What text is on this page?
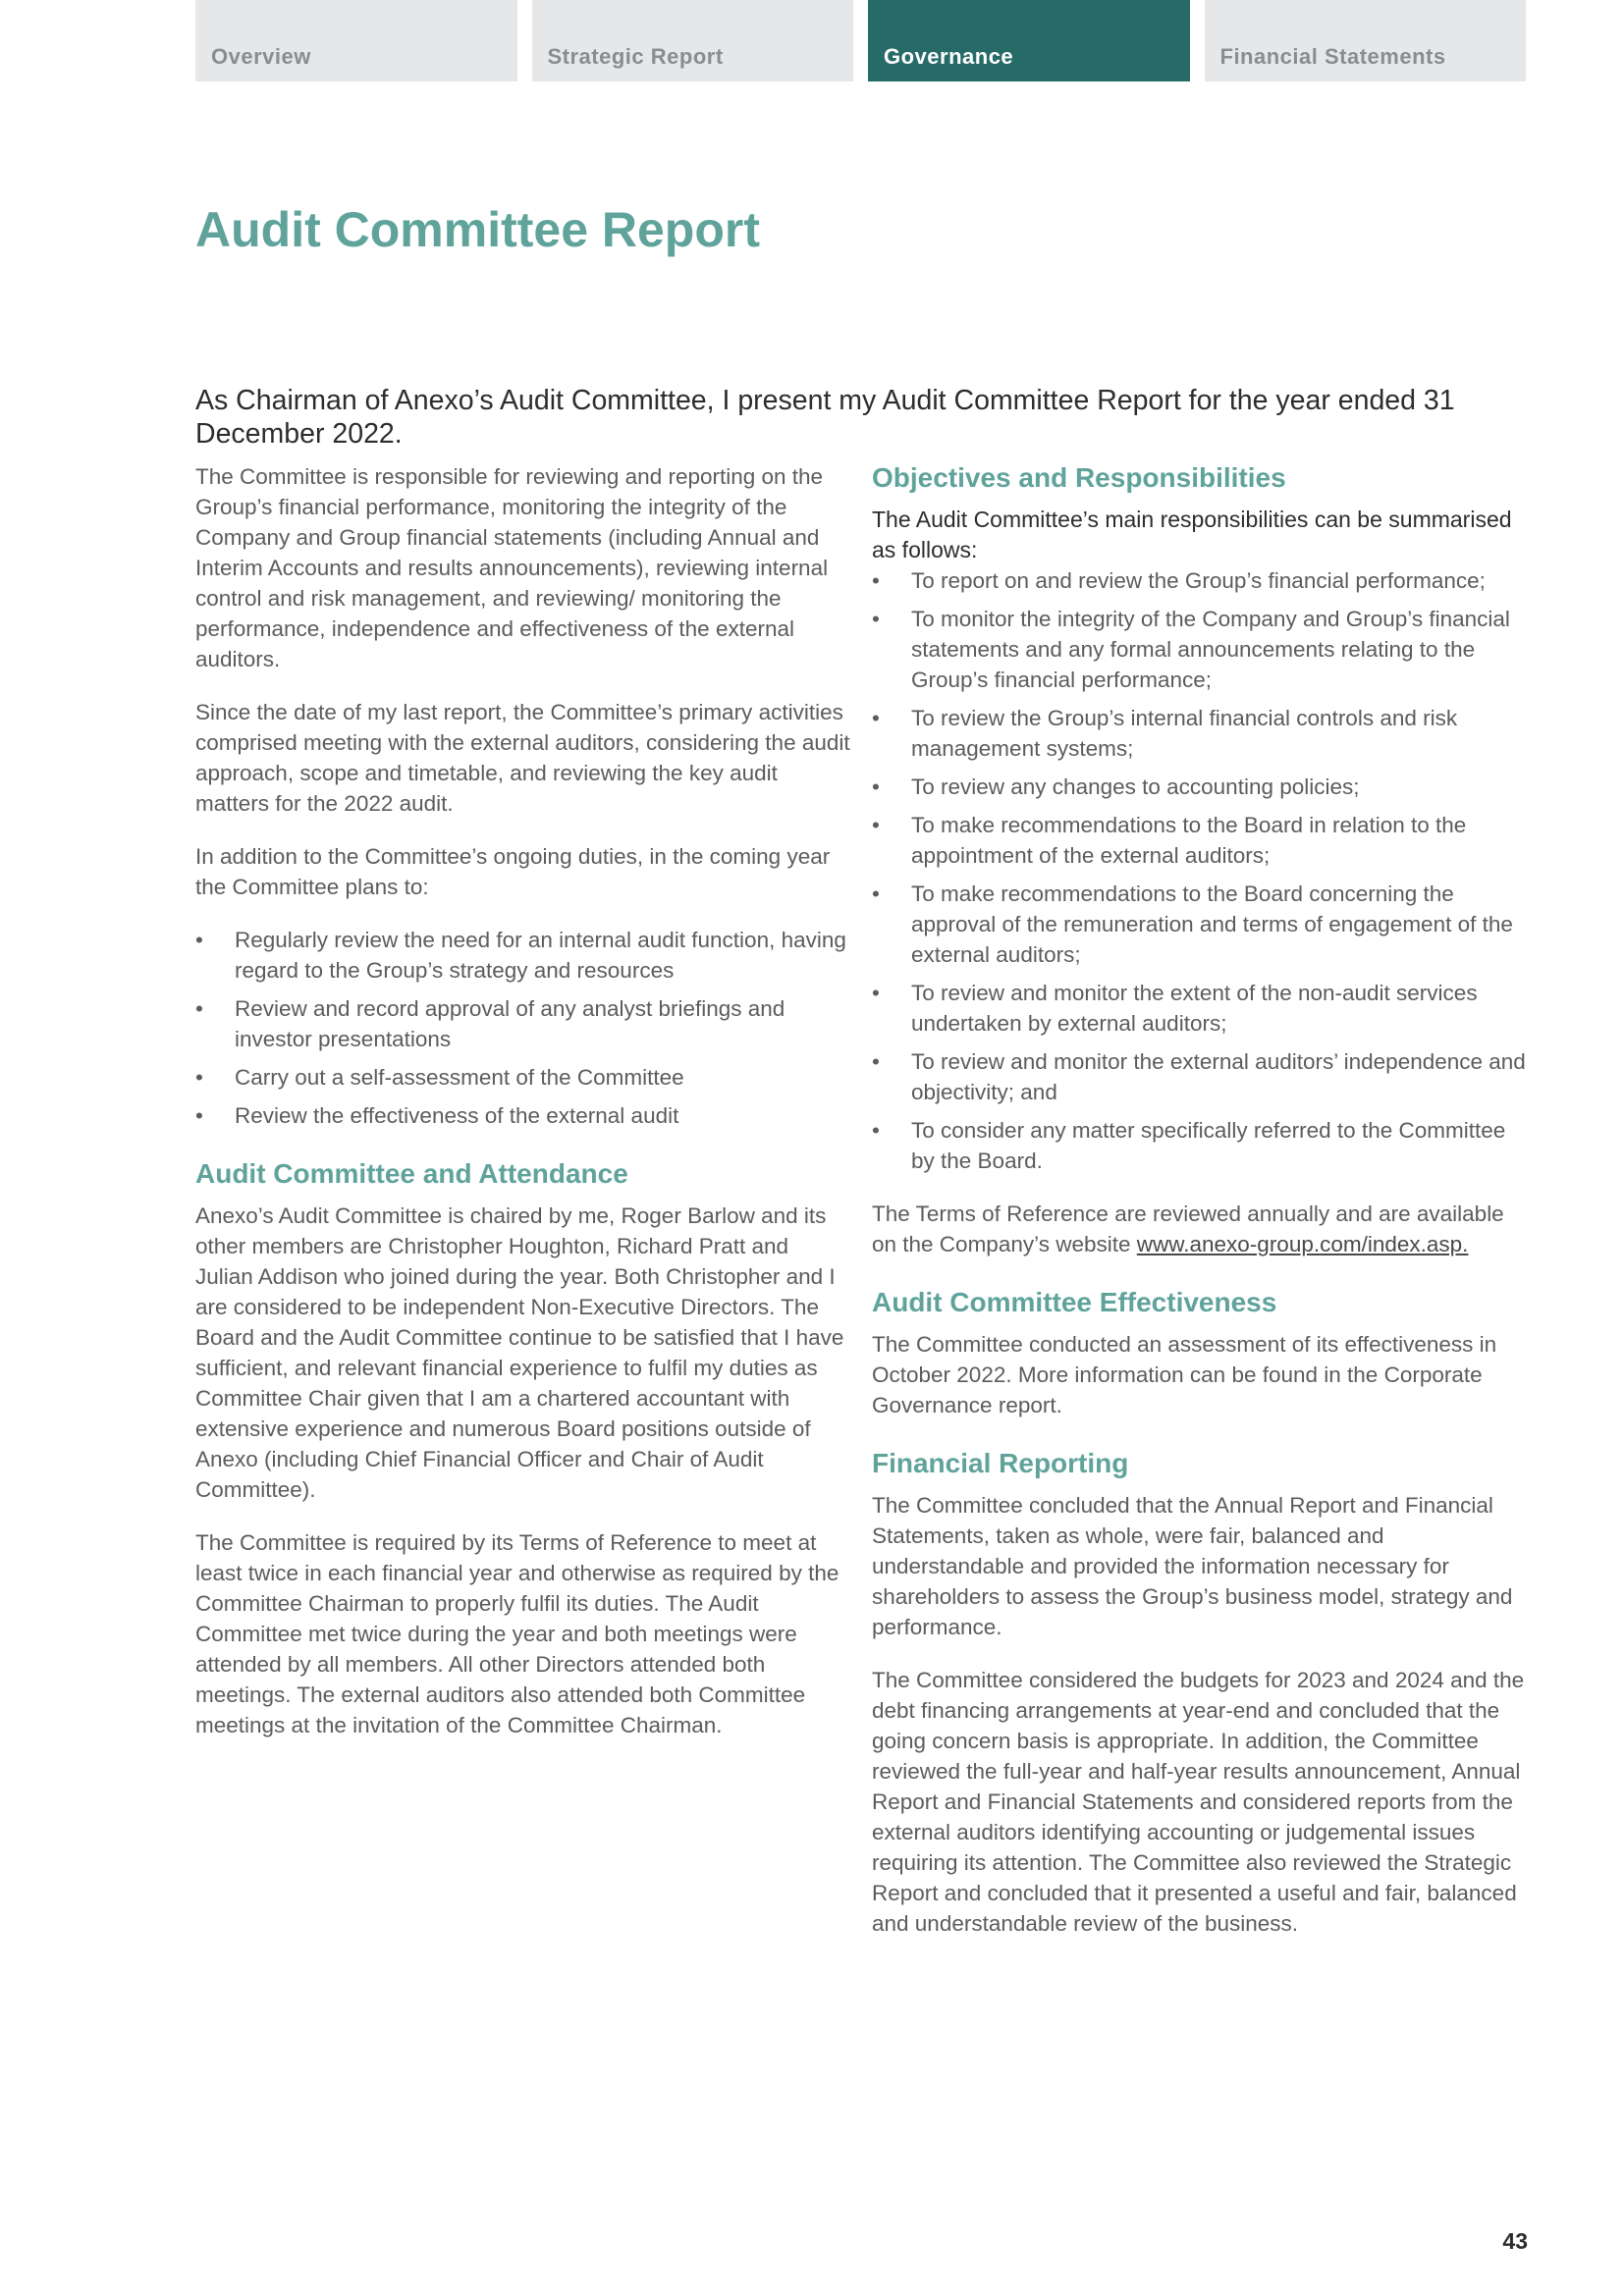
Overview	Strategic Report	Governance	Financial Statements
Audit Committee Report

As Chairman of Anexo’s Audit Committee, I present my Audit Committee Report for the year ended 31 December 2022.

The Committee is responsible for reviewing and reporting on the Group’s financial performance, monitoring the integrity of the Company and Group financial statements (including Annual and Interim Accounts and results announcements), reviewing internal control and risk management, and reviewing/ monitoring the performance, independence and effectiveness of the external auditors.

Since the date of my last report, the Committee’s primary activities comprised meeting with the external auditors, considering the audit approach, scope and timetable, and reviewing the key audit matters for the 2022 audit.

In addition to the Committee’s ongoing duties, in the coming year the Committee plans to:

• Regularly review the need for an internal audit function, having regard to the Group’s strategy and resources
• Review and record approval of any analyst briefings and investor presentations
• Carry out a self-assessment of the Committee
• Review the effectiveness of the external audit
Audit Committee and Attendance

Anexo’s Audit Committee is chaired by me, Roger Barlow and its other members are Christopher Houghton, Richard Pratt and Julian Addison who joined during the year. Both Christopher and I are considered to be independent Non-Executive Directors. The Board and the Audit Committee continue to be satisfied that I have sufficient, and relevant financial experience to fulfil my duties as Committee Chair given that I am a chartered accountant with extensive experience and numerous Board positions outside of Anexo (including Chief Financial Officer and Chair of Audit Committee).

The Committee is required by its Terms of Reference to meet at least twice in each financial year and otherwise as required by the Committee Chairman to properly fulfil its duties. The Audit Committee met twice during the year and both meetings were attended by all members. All other Directors attended both meetings. The external auditors also attended both Committee meetings at the invitation of the Committee Chairman.

Objectives and Responsibilities

The Audit Committee’s main responsibilities can be summarised as follows:

• To report on and review the Group’s financial performance;
• To monitor the integrity of the Company and Group’s financial statements and any formal announcements relating to the Group’s financial performance;
• To review the Group’s internal financial controls and risk management systems;
• To review any changes to accounting policies;
• To make recommendations to the Board in relation to the appointment of the external auditors;
• To make recommendations to the Board concerning the approval of the remuneration and terms of engagement of the external auditors;
• To review and monitor the extent of the non-audit services undertaken by external auditors;
• To review and monitor the external auditors’ independence and objectivity; and
• To consider any matter specifically referred to the Committee by the Board.

The Terms of Reference are reviewed annually and are available on the Company’s website www.anexo-group.com/index.asp.

Audit Committee Effectiveness

The Committee conducted an assessment of its effectiveness in October 2022. More information can be found in the Corporate Governance report.

Financial Reporting

The Committee concluded that the Annual Report and Financial Statements, taken as whole, were fair, balanced and understandable and provided the information necessary for shareholders to assess the Group’s business model, strategy and performance.

The Committee considered the budgets for 2023 and 2024 and the debt financing arrangements at year-end and concluded that the going concern basis is appropriate. In addition, the Committee reviewed the full-year and half-year results announcement, Annual Report and Financial Statements and considered reports from the external auditors identifying accounting or judgemental issues requiring its attention. The Committee also reviewed the Strategic Report and concluded that it presented a useful and fair, balanced and understandable review of the business.

43
